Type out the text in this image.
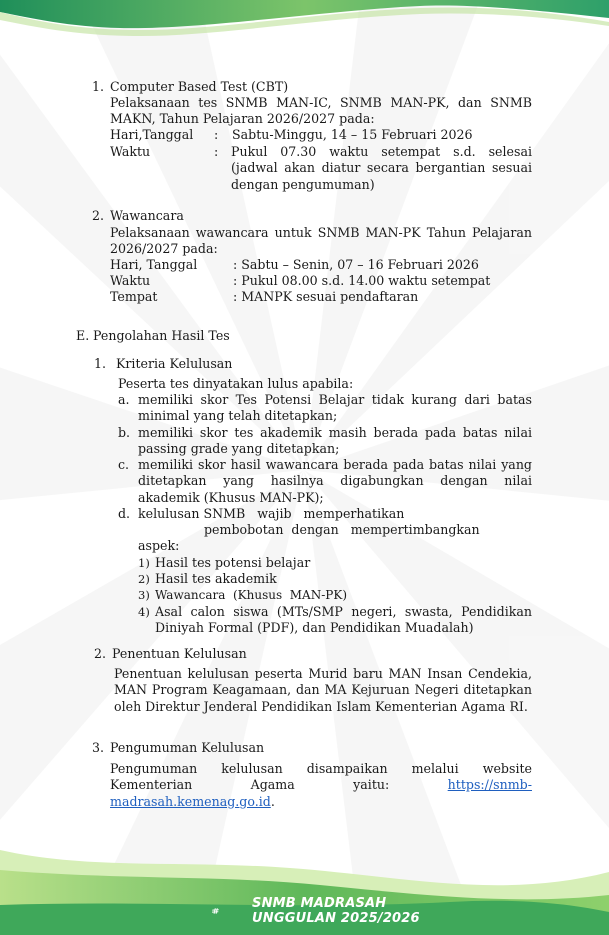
1. Computer Based Test (CBT)
Pelaksanaan tes SNMB MAN-IC, SNMB MAN-PK, dan SNMB MAKN, Tahun Pelajaran 2026/2027 pada:
Hari,Tanggal : Sabtu-Minggu, 14 – 15 Februari 2026
Waktu	: Pukul 07.30 waktu setempat s.d. selesai (jadwal akan diatur secara bergantian sesuai dengan pengumuman)
2. Wawancara
Pelaksanaan wawancara untuk SNMB MAN-PK Tahun Pelajaran 2026/2027 pada:
Hari, Tanggal	: Sabtu – Senin, 07 – 16 Februari 2026
Waktu	: Pukul 08.00 s.d. 14.00 waktu setempat
Tempat	: MANPK sesuai pendaftaran
E. Pengolahan Hasil Tes
1. Kriteria Kelulusan
Peserta tes dinyatakan lulus apabila:
a. memiliki skor Tes Potensi Belajar tidak kurang dari batas minimal yang telah ditetapkan;
b. memiliki skor tes akademik masih berada pada batas nilai passing grade yang ditetapkan;
c. memiliki skor hasil wawancara berada pada batas nilai yang ditetapkan yang hasilnya digabungkan dengan nilai akademik (Khusus MAN-PK);
d. kelulusan SNMB   wajib   memperhatikan
pembobotan  dengan   mempertimbangkan
aspek:
1) Hasil tes potensi belajar
2) Hasil tes akademik
3) Wawancara  (Khusus  MAN-PK)
4) Asal calon siswa (MTs/SMP negeri, swasta, Pendidikan Diniyah Formal (PDF), dan Pendidikan Muadalah)
2. Penentuan Kelulusan
Penentuan kelulusan peserta Murid baru MAN Insan Cendekia, MAN Program Keagamaan, dan MA Kejuruan Negeri ditetapkan oleh Direktur Jenderal Pendidikan Islam Kementerian Agama RI.
3. Pengumuman Kelulusan
Pengumuman kelulusan disampaikan melalui website Kementerian Agama yaitu:	https://snmb-madrasah.kemenag.go.id.
SNMB MADRASAH
UNGGULAN 2025/2026
